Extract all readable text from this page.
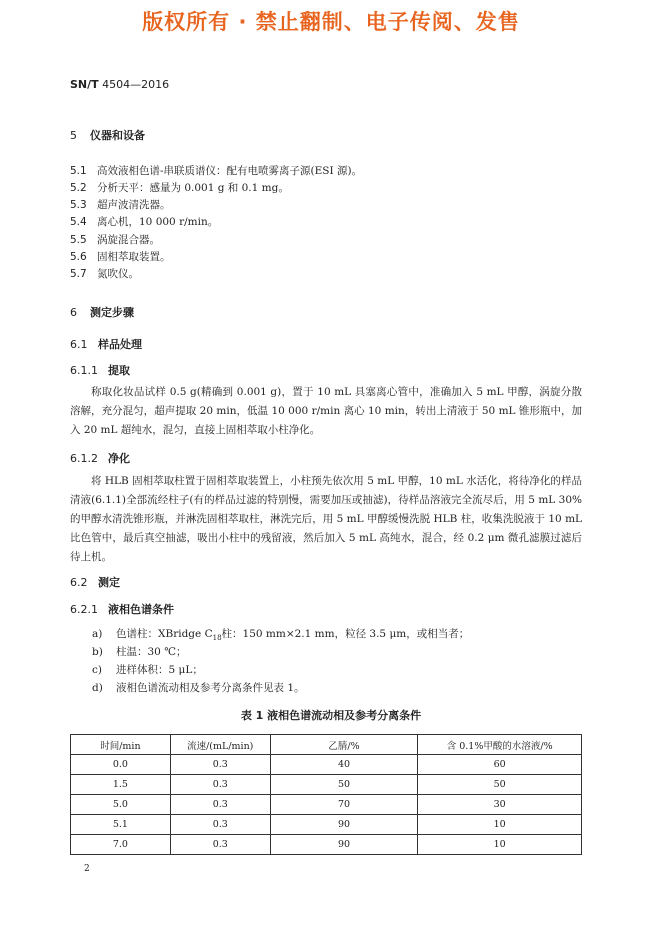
版权所有 · 禁止翻制、电子传阅、发售
SN/T 4504—2016
5 仪器和设备
5.1 高效液相色谱-串联质谱仪：配有电喷雾离子源(ESI 源)。
5.2 分析天平：感量为 0.001 g 和 0.1 mg。
5.3 超声波清洗器。
5.4 离心机，10 000 r/min。
5.5 涡旋混合器。
5.6 固相萃取装置。
5.7 氮吹仪。
6 测定步骤
6.1 样品处理
6.1.1 提取
称取化妆品试样 0.5 g(精确到 0.001 g)，置于 10 mL 具塞离心管中，准确加入 5 mL 甲醇，涡旋分散溶解，充分混匀，超声提取 20 min，低温 10 000 r/min 离心 10 min，转出上清液于 50 mL 锥形瓶中，加入 20 mL 超纯水，混匀，直接上固相萃取小柱净化。
6.1.2 净化
将 HLB 固相萃取柱置于固相萃取装置上，小柱预先依次用 5 mL 甲醇，10 mL 水活化，将待净化的样品清液(6.1.1)全部流经柱子(有的样品过滤的特别慢，需要加压或抽滤)，待样品溶液完全流尽后，用 5 mL 30%的甲醇水清洗锥形瓶，并淋洗固相萃取柱，淋洗完后，用 5 mL 甲醇缓慢洗脱 HLB 柱，收集洗脱液于 10 mL 比色管中，最后真空抽滤，吸出小柱中的残留液，然后加入 5 mL 高纯水，混合，经 0.2 μm 微孔滤膜过滤后待上机。
6.2 测定
6.2.1 液相色谱条件
a) 色谱柱：XBridge $C_{18}$柱：150 mm×2.1 mm，粒径 3.5 μm，或相当者；
b) 柱温：30 ℃；
c) 进样体积：5 μL；
d) 液相色谱流动相及参考分离条件见表 1。
表 1 液相色谱流动相及参考分离条件
时间/min	流速/(mL/min)	乙腈/%	含 0.1%甲酸的水溶液/%
0.0	0.3	40	60
1.5	0.3	50	50
5.0	0.3	70	30
5.1	0.3	90	10
7.0	0.3	90	10
2
